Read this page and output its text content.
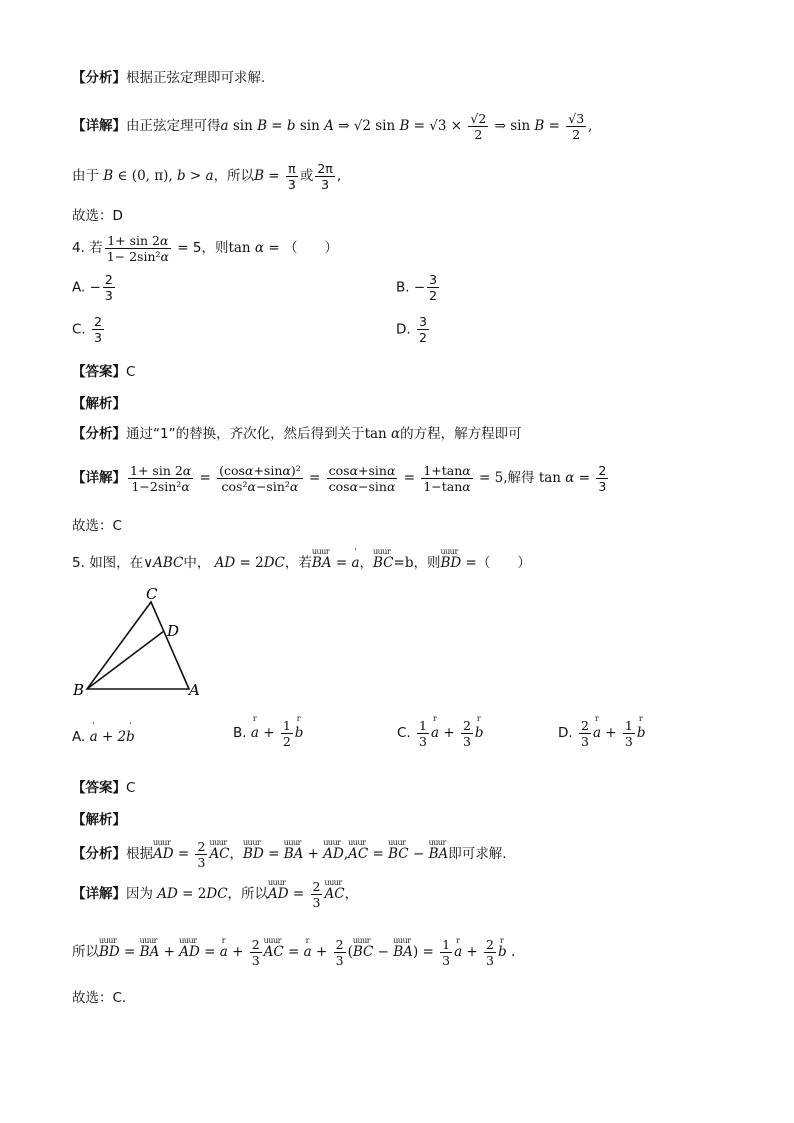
【分析】根据正弦定理即可求解.
【详解】由正弦定理可得a sin B = b sin A ⇒ √2 $\sin B = √3 \times \frac{√2}{2}$ ⇒ $\sin B = \frac{√3}{2}$ ,
由于 B ∈ (0, π), b > a，所以$B = \frac{\pi}{3}$ 或 $\frac{2\pi}{3}$ ,
故选：D
4. 若 $\frac{1+ \sin 2\alpha}{\text{1− 2sin²α}} = 5$，则tan α = （　　）
A. − $\frac{2}{3}$	B. − $\frac{3}{2}$
C. $\frac{2}{3}$	D. $\frac{3}{2}$
【答案】C
【解析】
【分析】通过“1”的替换，齐次化，然后得到关于tan α的方程，解方程即可
【详解】 $\frac{1+ \sin 2\alpha}{\text{1−2sin²α}} = \frac{\text{(cosα+sinα)²}}{\text{cos²α−sin²α}} = \frac{\cos\alpha+\sin\alpha}{\cos\alpha-\sin\alpha} = \frac{1+\tan\alpha}{1-\tan\alpha} = 5$,解得 $\tan \alpha = \frac{2}{3}$
故选：C
5. 如图，在∨ABC中， AD = 2DC，若uuur BA = ' a，uuur BC=b，则uuur BD =（　　）
C
D
B	A
A. ' a + 2' b	B. r $a + \frac{1}{2}$ r b	C. $\frac{1}{3}$ r $a + \frac{2}{3}$ r b	D. $\frac{2}{3}$ r $a + \frac{1}{3}$ r b
【答案】C
【解析】
【分析】根据uuur AD = $\frac{2}{3}$ uuur AC，uuur BD = uuur BA + uuur AD,uuur AC = uuur BC − uuur BA即可求解.
【详解】因为 AD = 2DC，所以uuur AD = $\frac{2}{3}$ uuur AC，
所以uuur BD = uuur BA + uuur AD = r $a + \frac{2}{3}$ uuur AC = r $a + \frac{2}{3}$ (uuur BC − uuur $BA) = \frac{1}{3}$ r $a + \frac{2}{3}$ r b .
故选：C.
